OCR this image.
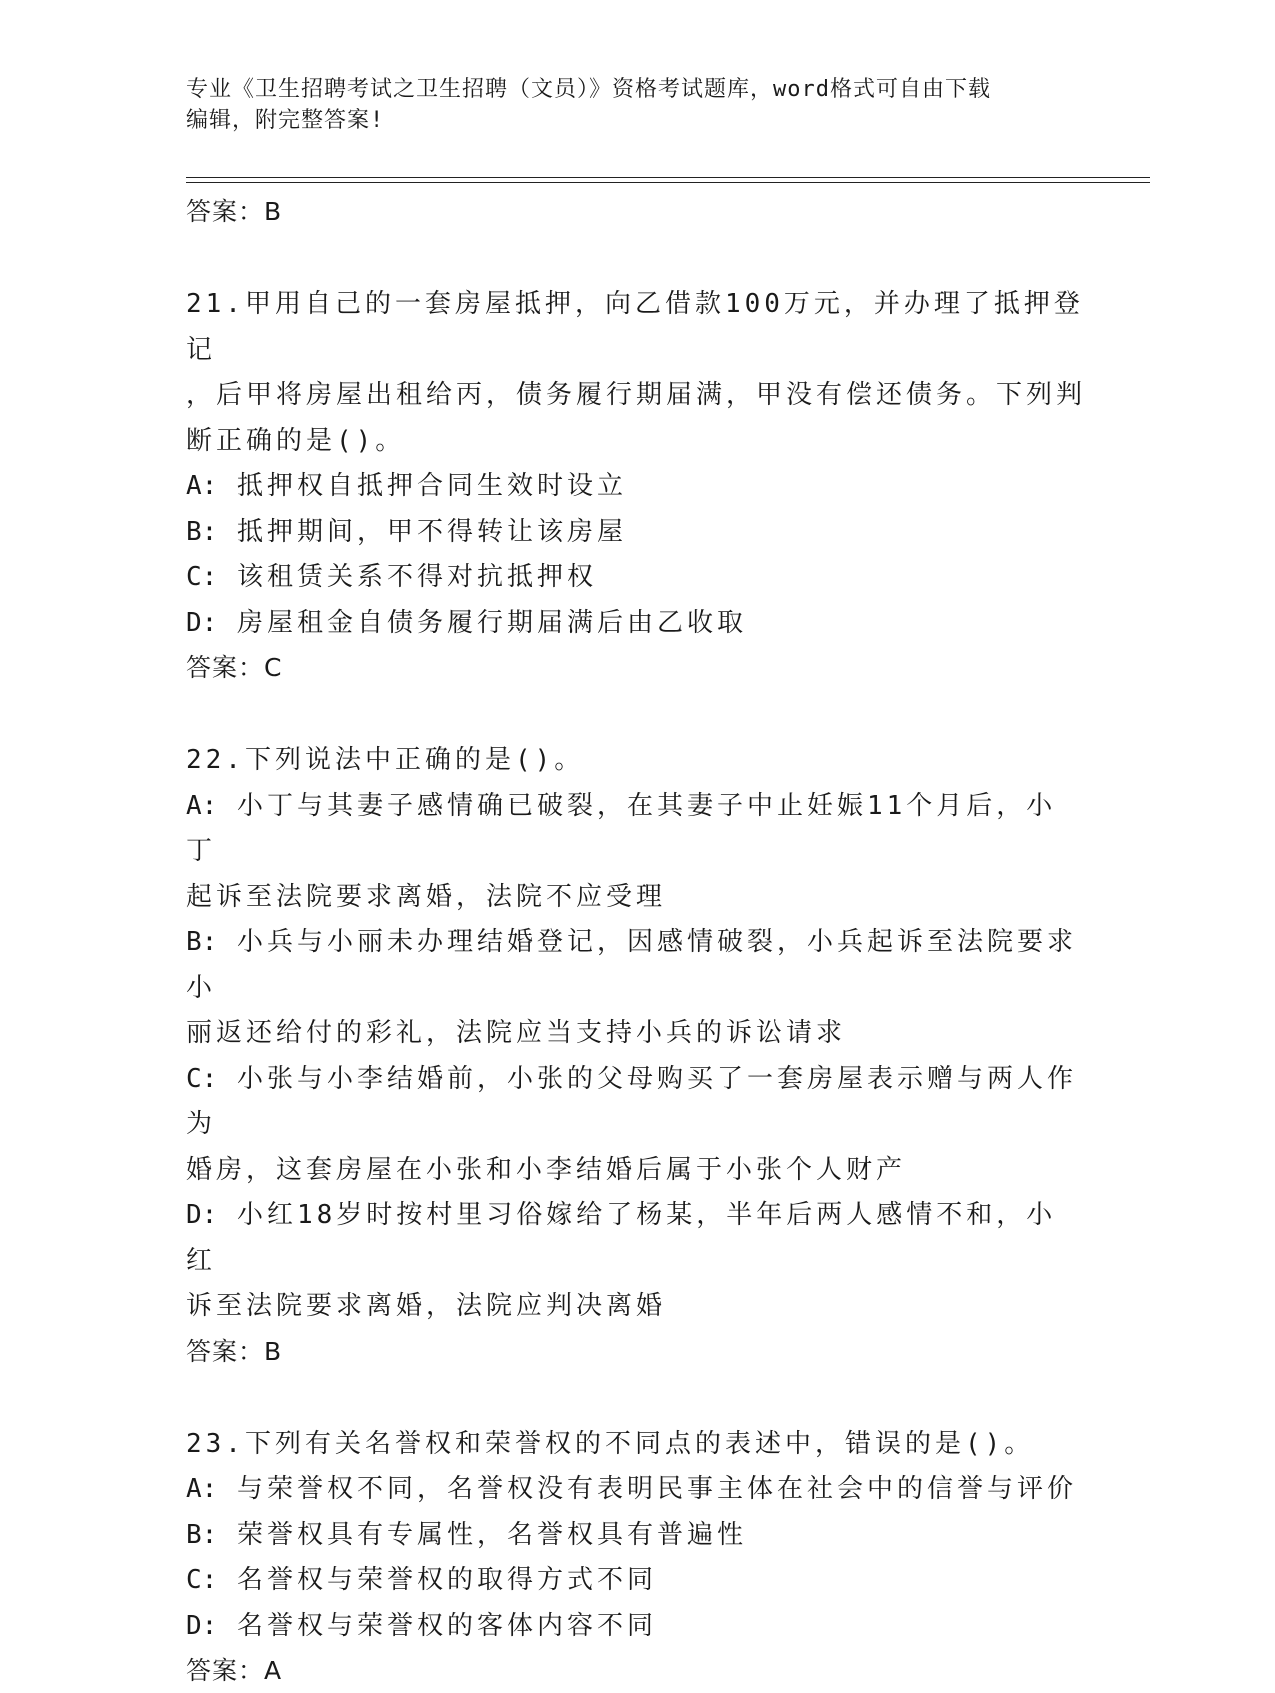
专业《卫生招聘考试之卫生招聘（文员）》资格考试题库，word格式可自由下载
编辑，附完整答案!
答案：B

21.甲用自己的一套房屋抵押，向乙借款100万元，并办理了抵押登记

，后甲将房屋出租给丙，债务履行期届满，甲没有偿还债务。下列判

断正确的是()。

A: 抵押权自抵押合同生效时设立

B: 抵押期间，甲不得转让该房屋

C: 该租赁关系不得对抗抵押权

D: 房屋租金自债务履行期届满后由乙收取

答案：C

22.下列说法中正确的是()。

A: 小丁与其妻子感情确已破裂，在其妻子中止妊娠11个月后，小丁

起诉至法院要求离婚，法院不应受理

B: 小兵与小丽未办理结婚登记，因感情破裂，小兵起诉至法院要求小

丽返还给付的彩礼，法院应当支持小兵的诉讼请求

C: 小张与小李结婚前，小张的父母购买了一套房屋表示赠与两人作为

婚房，这套房屋在小张和小李结婚后属于小张个人财产

D: 小红18岁时按村里习俗嫁给了杨某，半年后两人感情不和，小红

诉至法院要求离婚，法院应判决离婚

答案：B

23.下列有关名誉权和荣誉权的不同点的表述中，错误的是()。

A: 与荣誉权不同，名誉权没有表明民事主体在社会中的信誉与评价

B: 荣誉权具有专属性，名誉权具有普遍性

C: 名誉权与荣誉权的取得方式不同

D: 名誉权与荣誉权的客体内容不同

答案：A
